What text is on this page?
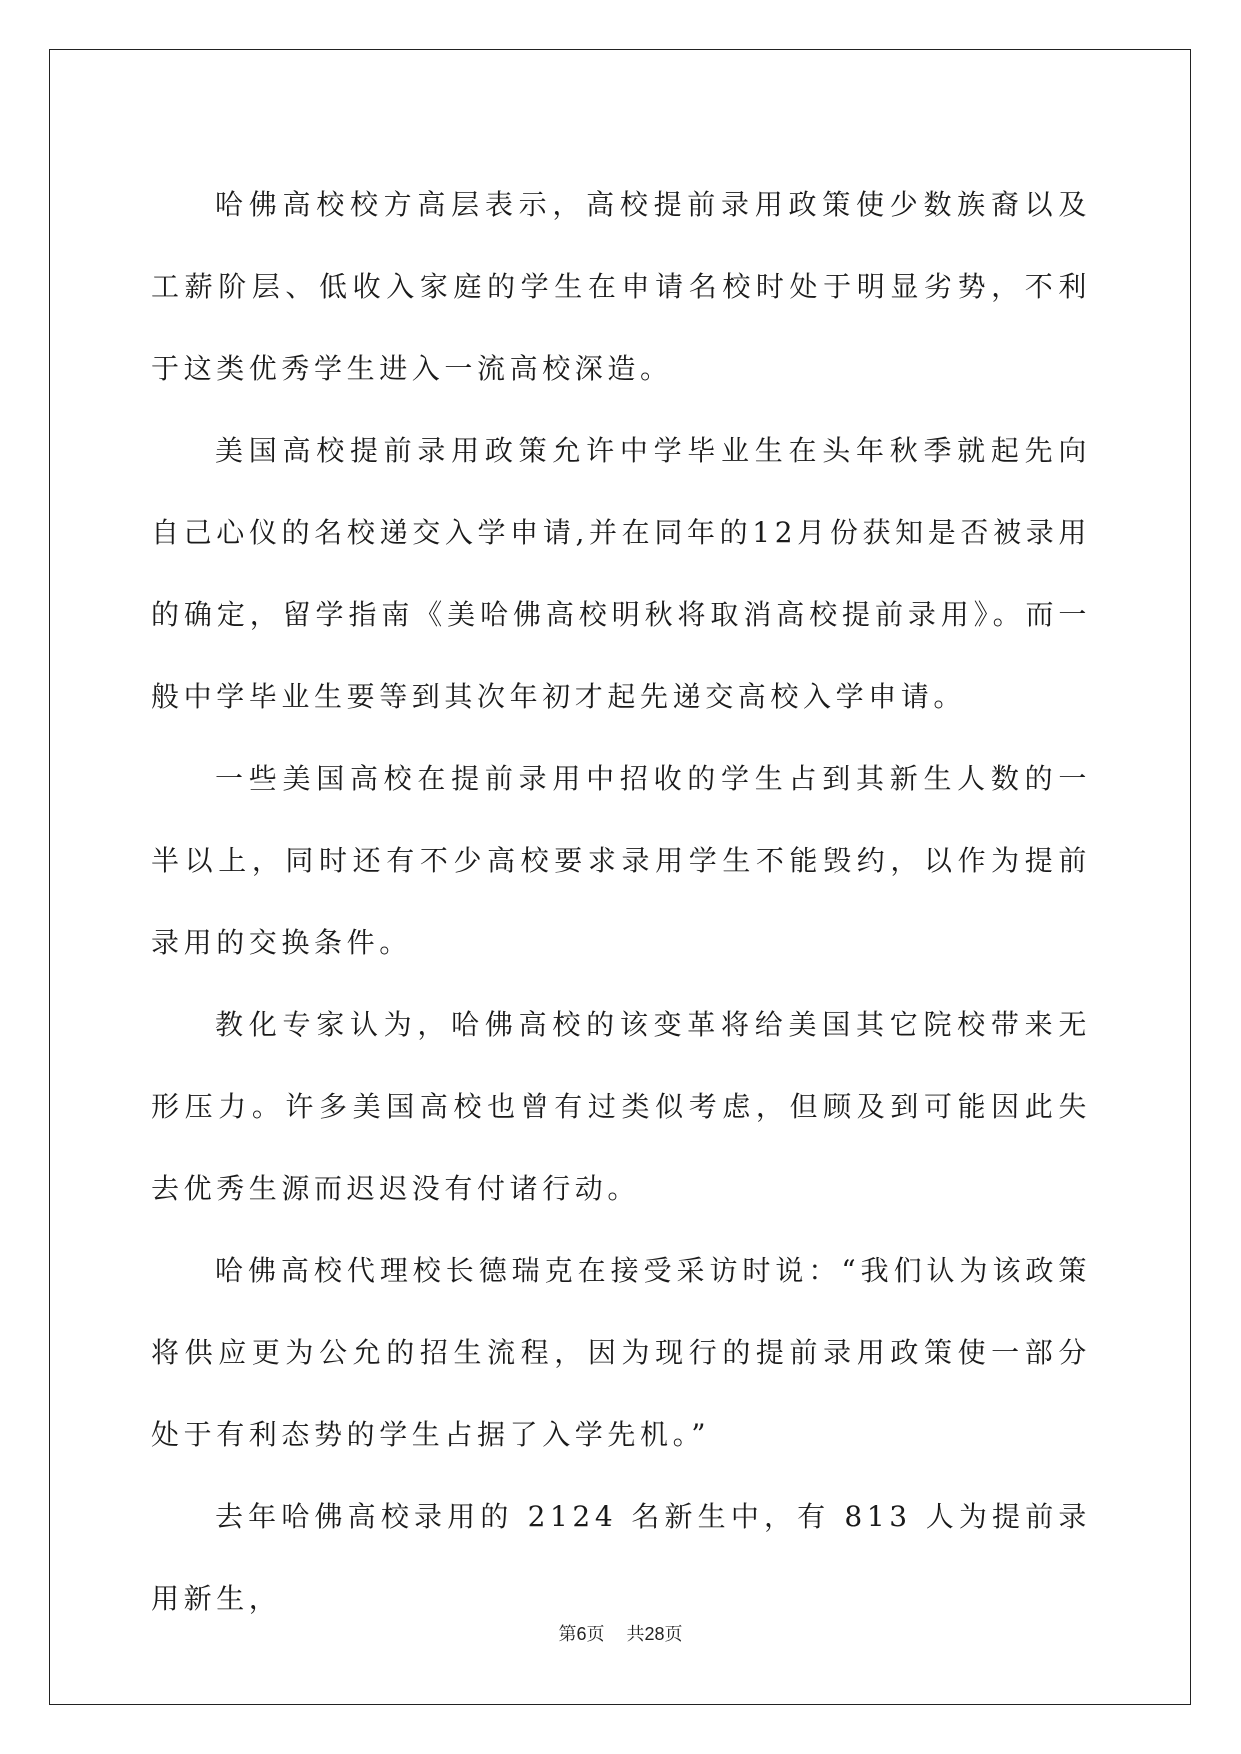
哈佛高校校方高层表示，高校提前录用政策使少数族裔以及工薪阶层、低收入家庭的学生在申请名校时处于明显劣势，不利于这类优秀学生进入一流高校深造。

美国高校提前录用政策允许中学毕业生在头年秋季就起先向自己心仪的名校递交入学申请,并在同年的12月份获知是否被录用的确定，留学指南《美哈佛高校明秋将取消高校提前录用》。而一般中学毕业生要等到其次年初才起先递交高校入学申请。

一些美国高校在提前录用中招收的学生占到其新生人数的一半以上，同时还有不少高校要求录用学生不能毁约，以作为提前录用的交换条件。

教化专家认为，哈佛高校的该变革将给美国其它院校带来无形压力。许多美国高校也曾有过类似考虑，但顾及到可能因此失去优秀生源而迟迟没有付诸行动。

哈佛高校代理校长德瑞克在接受采访时说：“我们认为该政策将供应更为公允的招生流程，因为现行的提前录用政策使一部分处于有利态势的学生占据了入学先机。”

去年哈佛高校录用的 2124 名新生中，有 813 人为提前录用新生，

第6页 共28页
